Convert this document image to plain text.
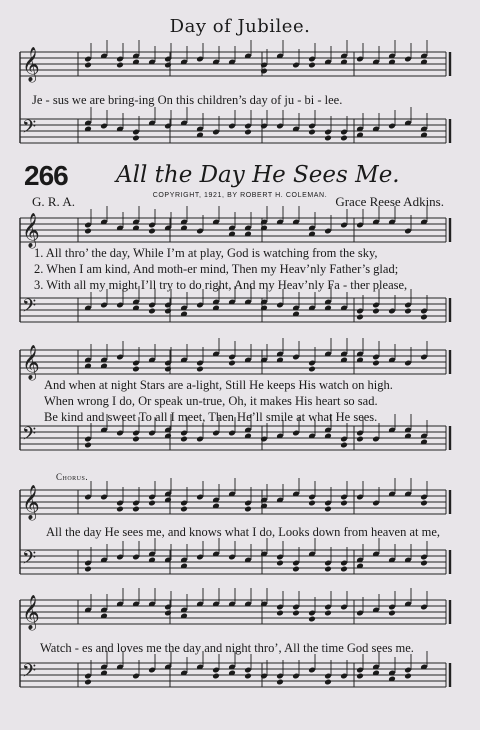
𝄞
𝄢
𝄞
𝄢
𝄞
𝄢
𝄞
𝄢
𝄞
𝄢
Day of Jubilee.
Je - sus we are bring-ing On this children’s day of ju - bi - lee.
266 All the Day He Sees Me.
COPYRIGHT, 1921, BY ROBERT H. COLEMAN.
G. R. A.	Grace Reese Adkins.
1. All thro’ the day, While I’m at play, God is watching from the sky,
2. When I am kind, And moth-er mind, Then my Heav’nly Father’s glad;
3. With all my might I’ll try to do right, And my Heav’nly Fa - ther please,
And when at night Stars are a-light, Still He keeps His watch on high.
When wrong I do, Or speak un-true, Oh, it makes His heart so sad.
Be kind and sweet To all I meet, Then He’ll smile at what He sees.
Chorus.
All the day He sees me, and knows what I do, Looks down from heaven at me,
Watch - es and loves me the day and night thro’, All the time God sees me.
